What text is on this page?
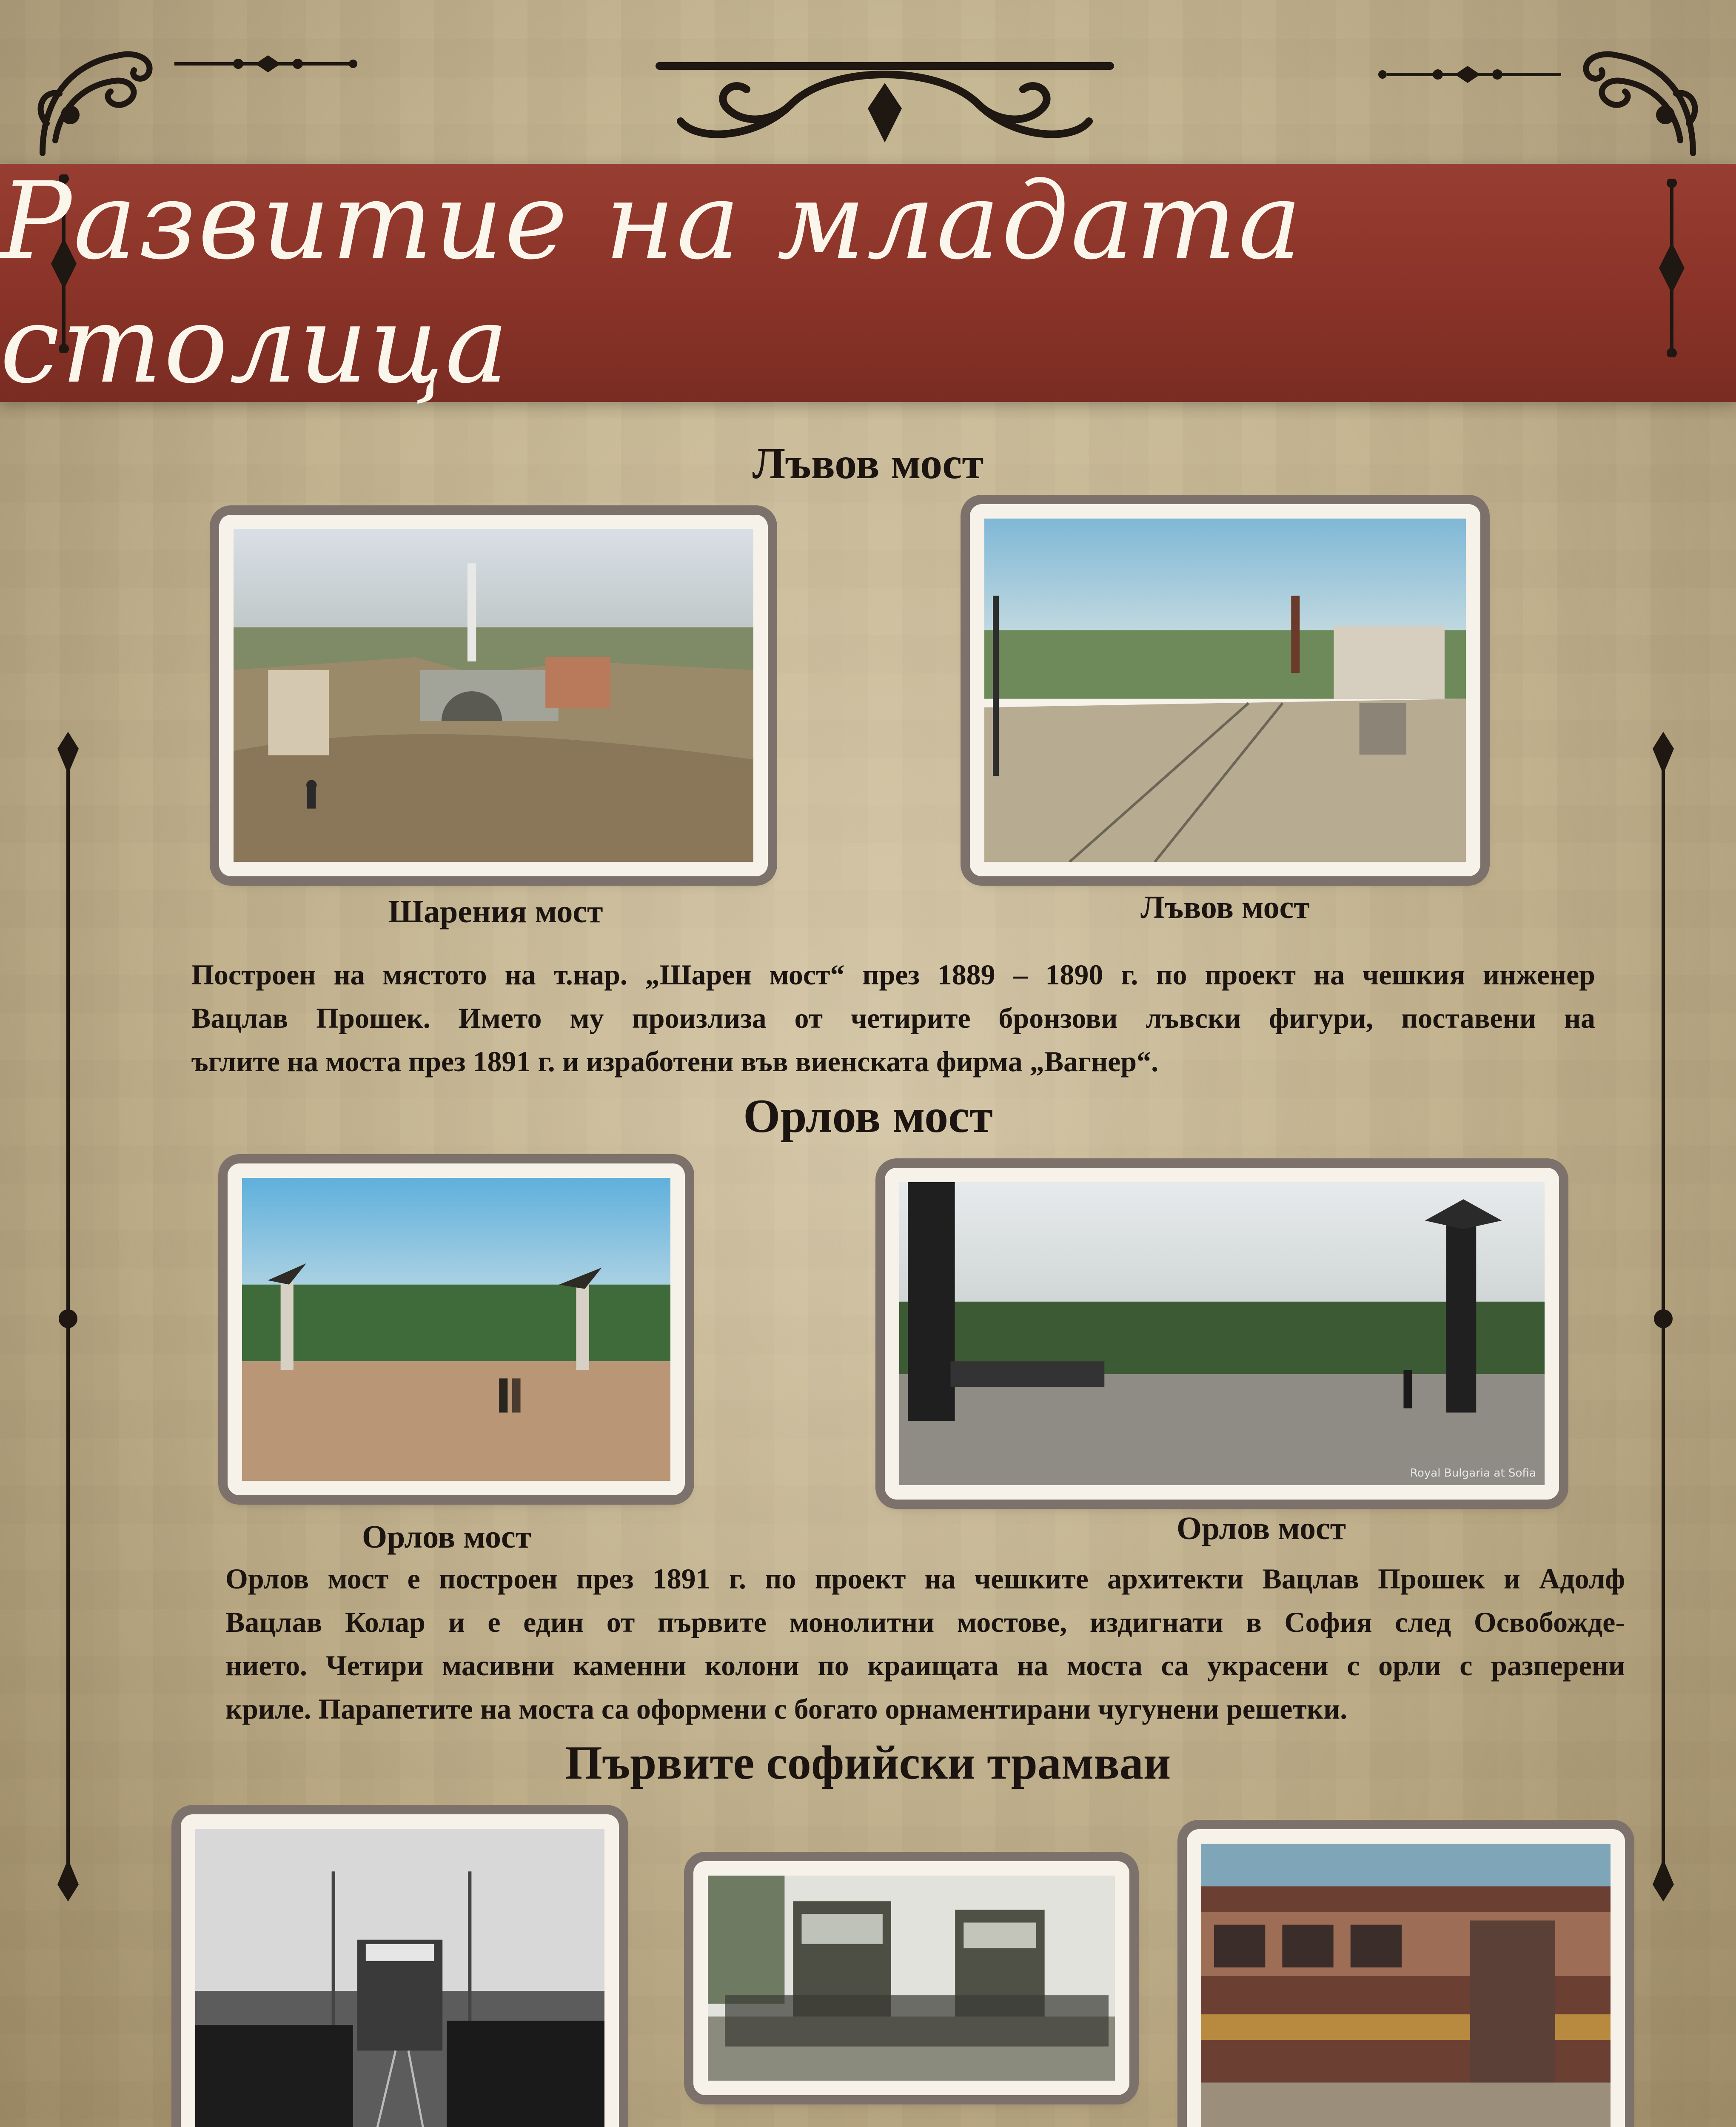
Развитие на младата столица
Лъвов мост
Шарения мост	Лъвов мост
Построен на мястото на т.нар. „Шарен мост“ през 1889 – 1890 г. по проект на чешкия инженер
Вацлав Прошек. Името му произлиза от четирите бронзови лъвски фигури, поставени на
ъглите на моста през 1891 г. и изработени във виенската фирма „Вагнер“.
Орлов мост
Royal Bulgaria at Sofia
Орлов мост	Орлов мост
Орлов мост е построен през 1891 г. по проект на чешките архитекти Вацлав Прошек и Адолф
Вацлав Колар и е един от първите монолитни мостове, издигнати в София след Освобожде-
нието. Четири масивни каменни колони по краищата на моста са украсени с орли с разперени
криле. Парапетите на моста са оформени с богато орнаментирани чугунени решетки.
Първите софийски трамваи
